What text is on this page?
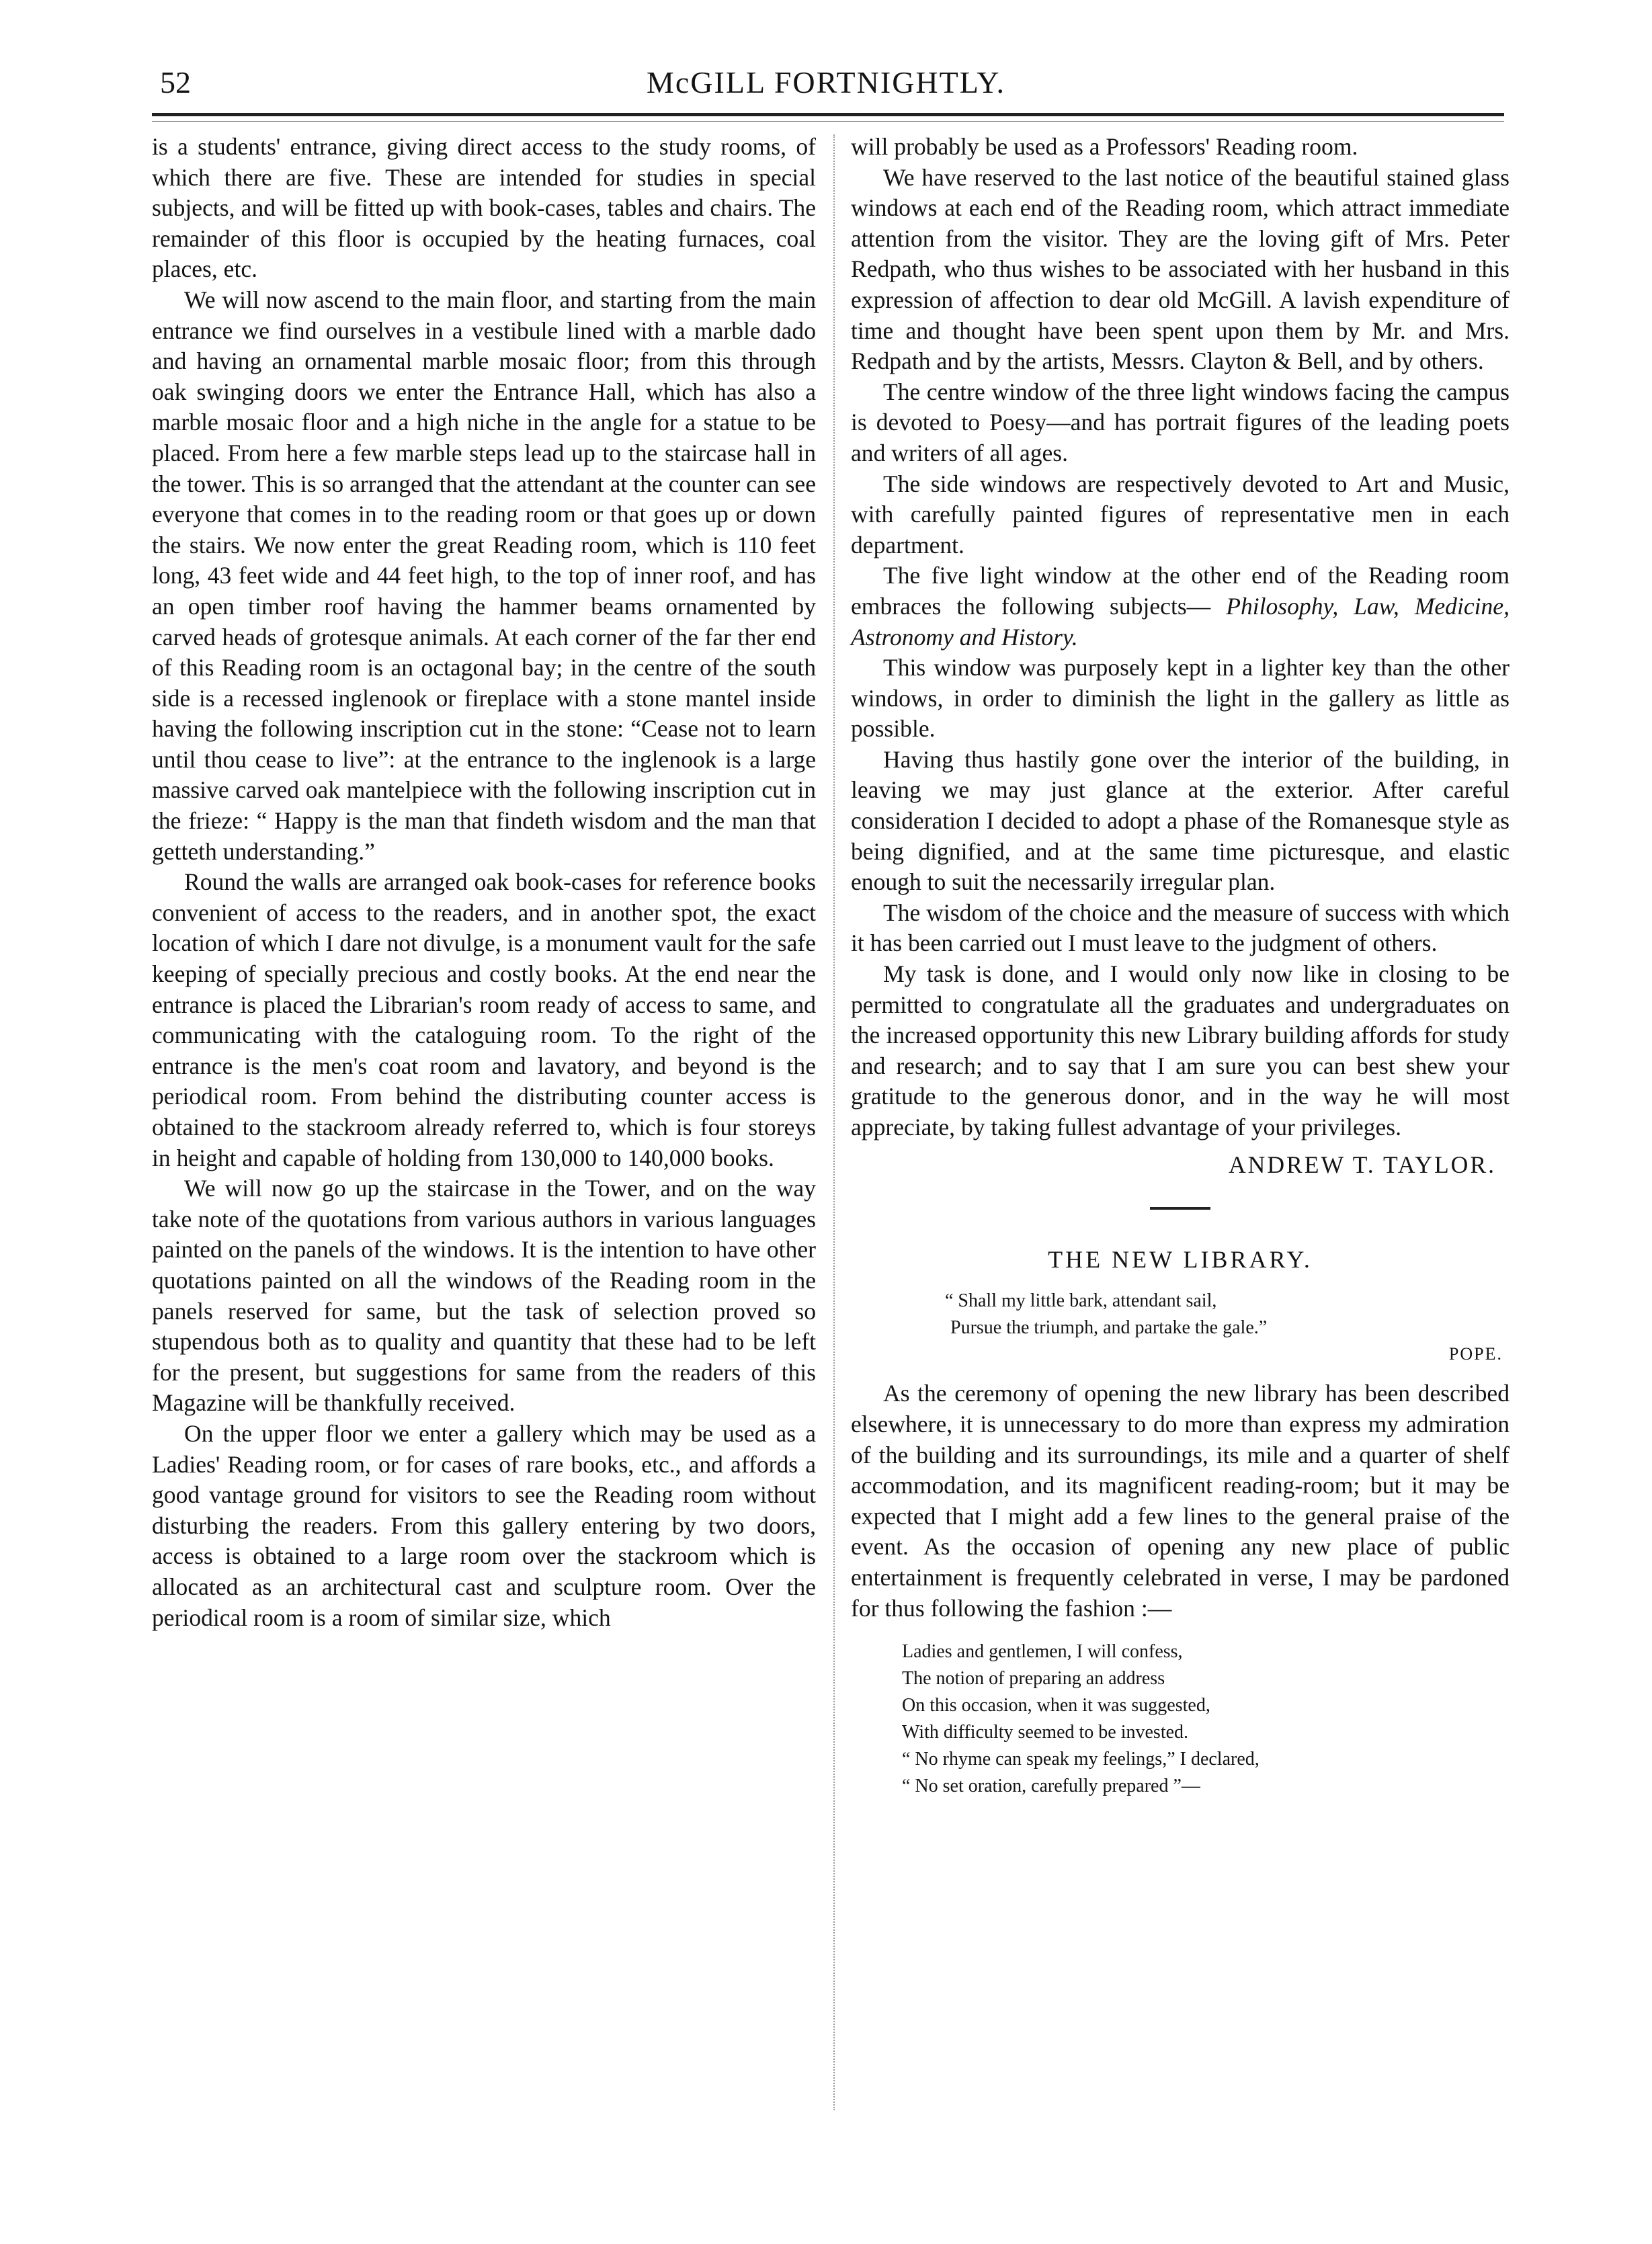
52	McGILL FORTNIGHTLY.

is a students' entrance, giving direct access to the study rooms, of which there are five. These are intended for studies in special subjects, and will be fitted up with book-cases, tables and chairs. The remainder of this floor is occupied by the heating furnaces, coal places, etc.

We will now ascend to the main floor, and starting from the main entrance we find ourselves in a vestibule lined with a marble dado and having an ornamental marble mosaic floor; from this through oak swinging doors we enter the Entrance Hall, which has also a marble mosaic floor and a high niche in the angle for a statue to be placed. From here a few marble steps lead up to the staircase hall in the tower. This is so arranged that the attendant at the counter can see everyone that comes in to the reading room or that goes up or down the stairs. We now enter the great Reading room, which is 110 feet long, 43 feet wide and 44 feet high, to the top of inner roof, and has an open timber roof having the hammer beams ornamented by carved heads of grotesque animals. At each corner of the far ther end of this Reading room is an octagonal bay; in the centre of the south side is a recessed inglenook or fireplace with a stone mantel inside having the following inscription cut in the stone: “Cease not to learn until thou cease to live”: at the entrance to the inglenook is a large massive carved oak mantelpiece with the following inscription cut in the frieze: “ Happy is the man that findeth wisdom and the man that getteth understanding.”

Round the walls are arranged oak book-cases for reference books convenient of access to the readers, and in another spot, the exact location of which I dare not divulge, is a monument vault for the safe keeping of specially precious and costly books. At the end near the entrance is placed the Librarian's room ready of access to same, and communicating with the cataloguing room. To the right of the entrance is the men's coat room and lavatory, and beyond is the periodical room. From behind the distributing counter access is obtained to the stackroom already referred to, which is four storeys in height and capable of holding from 130,000 to 140,000 books.

We will now go up the staircase in the Tower, and on the way take note of the quotations from various authors in various languages painted on the panels of the windows. It is the intention to have other quotations painted on all the windows of the Reading room in the panels reserved for same, but the task of selection proved so stupendous both as to quality and quantity that these had to be left for the present, but suggestions for same from the readers of this Magazine will be thankfully received.

On the upper floor we enter a gallery which may be used as a Ladies' Reading room, or for cases of rare books, etc., and affords a good vantage ground for visitors to see the Reading room without disturbing the readers. From this gallery entering by two doors, access is obtained to a large room over the stackroom which is allocated as an architectural cast and sculpture room. Over the periodical room is a room of similar size, which

will probably be used as a Professors' Reading room.

We have reserved to the last notice of the beautiful stained glass windows at each end of the Reading room, which attract immediate attention from the visitor. They are the loving gift of Mrs. Peter Redpath, who thus wishes to be associated with her husband in this expression of affection to dear old McGill. A lavish expenditure of time and thought have been spent upon them by Mr. and Mrs. Redpath and by the artists, Messrs. Clayton & Bell, and by others.

The centre window of the three light windows facing the campus is devoted to Poesy—and has portrait figures of the leading poets and writers of all ages.

The side windows are respectively devoted to Art and Music, with carefully painted figures of representative men in each department.

The five light window at the other end of the Reading room embraces the following subjects— Philosophy, Law, Medicine, Astronomy and History.

This window was purposely kept in a lighter key than the other windows, in order to diminish the light in the gallery as little as possible.

Having thus hastily gone over the interior of the building, in leaving we may just glance at the exterior. After careful consideration I decided to adopt a phase of the Romanesque style as being dignified, and at the same time picturesque, and elastic enough to suit the necessarily irregular plan.

The wisdom of the choice and the measure of success with which it has been carried out I must leave to the judgment of others.

My task is done, and I would only now like in closing to be permitted to congratulate all the graduates and undergraduates on the increased opportunity this new Library building affords for study and research; and to say that I am sure you can best shew your gratitude to the generous donor, and in the way he will most appreciate, by taking fullest advantage of your privileges.

ANDREW T. TAYLOR.
THE NEW LIBRARY.
“ Shall my little bark, attendant sail,
Pursue the triumph, and partake the gale.”
POPE.

As the ceremony of opening the new library has been described elsewhere, it is unnecessary to do more than express my admiration of the building and its surroundings, its mile and a quarter of shelf accommodation, and its magnificent reading-room; but it may be expected that I might add a few lines to the general praise of the event. As the occasion of opening any new place of public entertainment is frequently celebrated in verse, I may be pardoned for thus following the fashion :—

Ladies and gentlemen, I will confess,
The notion of preparing an address
On this occasion, when it was suggested,
With difficulty seemed to be invested.
“ No rhyme can speak my feelings,” I declared,
“ No set oration, carefully prepared ”—
